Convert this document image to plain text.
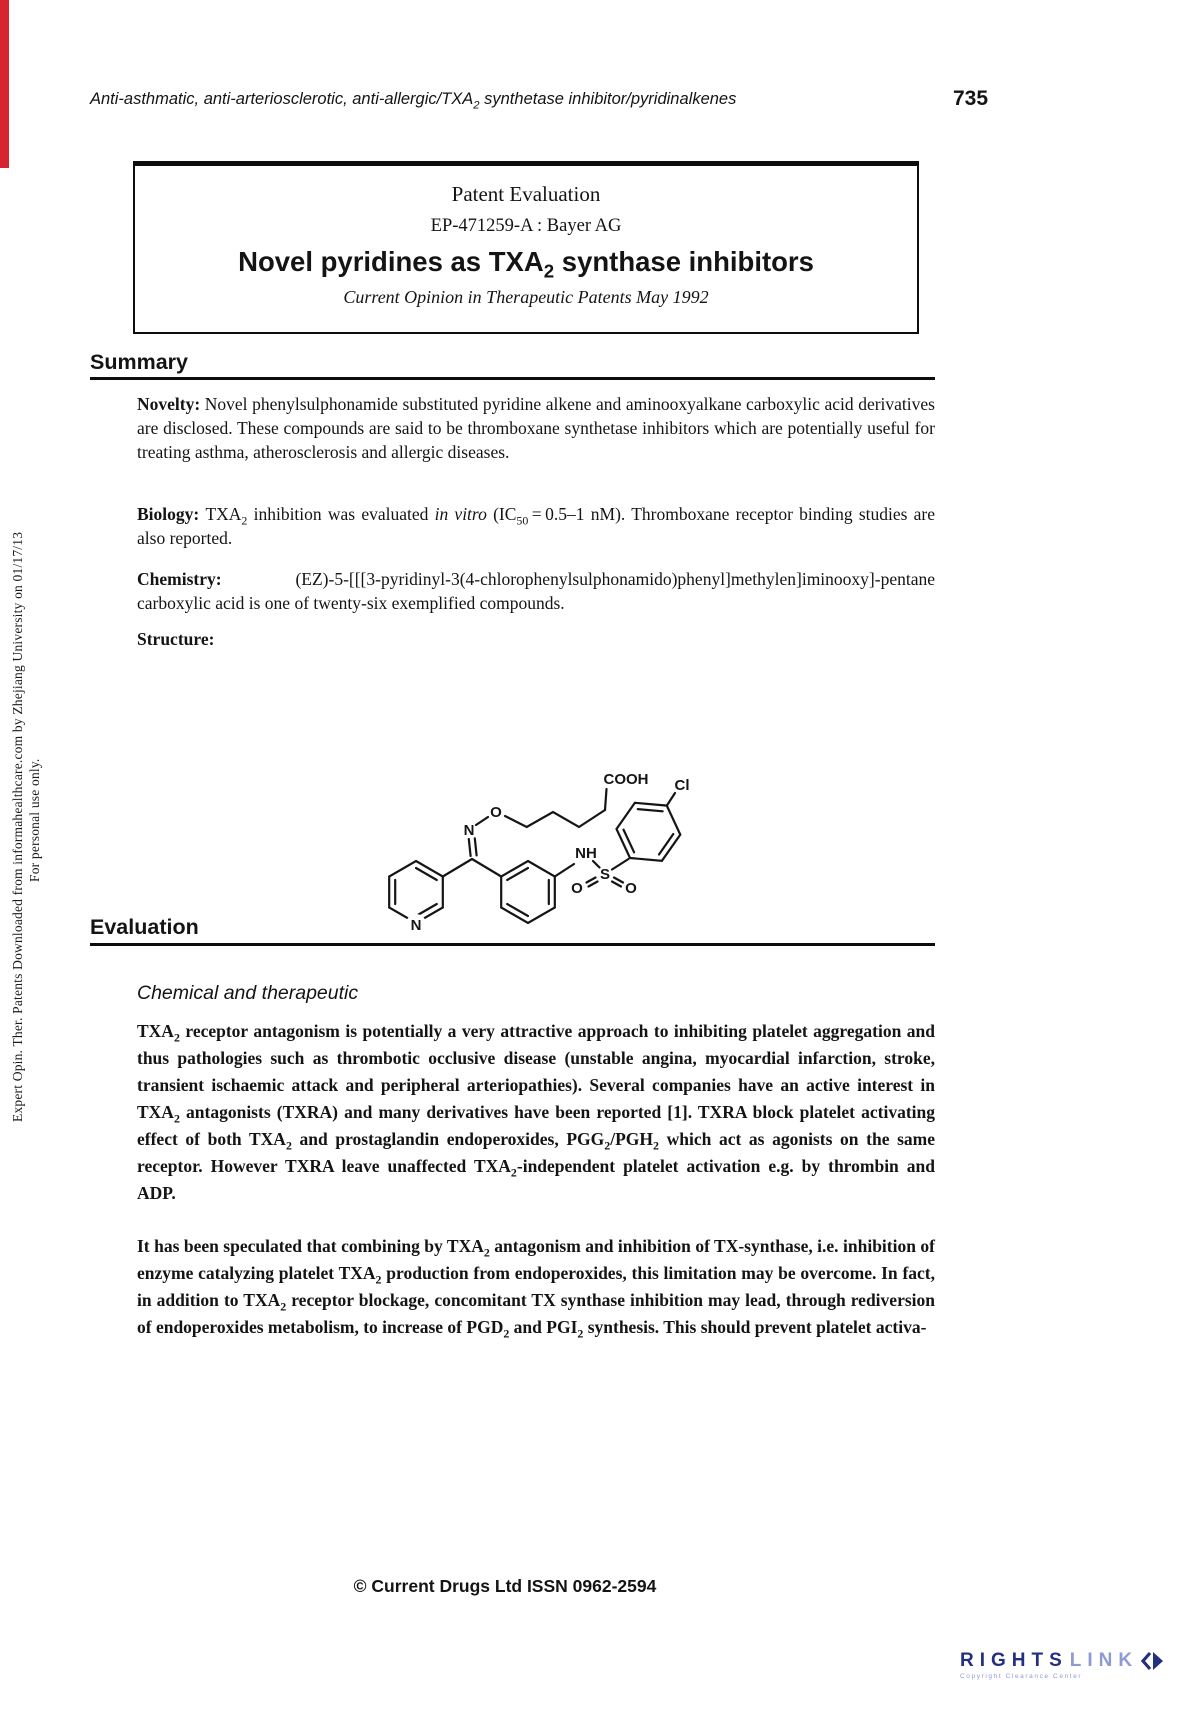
Expert Opin. Ther. Patents Downloaded from informahealthcare.com by Zhejiang University on 01/17/13 For personal use only.
Anti-asthmatic, anti-arteriosclerotic, anti-$allergic/TXA_2$ synthetase inhibitor/pyridinalkenes	735
Patent Evaluation
EP-471259-A : Bayer AG
Novel pyridines as $TXA_2$ synthase inhibitors
Current Opinion in Therapeutic Patents May 1992
Summary

Novelty: Novel phenylsulphonamide substituted pyridine alkene and aminooxyalkane carboxylic acid derivatives are disclosed. These compounds are said to be thromboxane synthetase inhibitors which are potentially useful for treating asthma, atherosclerosis and allergic diseases.

Biology: $TXA_2$ inhibition was evaluated in vitro ($IC_{50} = 0.5-1$ nM). Thromboxane receptor binding studies are also reported.

Chemistry: (EZ)-5-[[[3-pyridinyl-3(4-chlorophenylsulphonamido)phenyl]methylen]iminooxy]-pentane carboxylic acid is one of twenty-six exemplified compounds.

Structure:
N
N
O
COOH
NH
S
O	O
Cl
Evaluation
Chemical and therapeutic

$TXA_2$ receptor antagonism is potentially a very attractive approach to inhibiting platelet aggregation and thus pathologies such as thrombotic occlusive disease (unstable angina, myocardial infarction, stroke, transient ischaemic attack and peripheral arteriopathies). Several companies have an active interest in $TXA_2$ antagonists (TXRA) and many derivatives have been reported [1]. TXRA block platelet activating effect of both $TXA_2$ and prostaglandin endoperoxides, $PGG_2/PGH_2$ which act as agonists on the same receptor. However TXRA leave unaffected $TXA_2$-independent platelet activation e.g. by thrombin and ADP.

It has been speculated that combining by $TXA_2$ antagonism and inhibition of TX-synthase, i.e. inhibition of enzyme catalyzing platelet $TXA_2$ production from endoperoxides, this limitation may be overcome. In fact, in addition to $TXA_2$ receptor blockage, concomitant TX synthase inhibition may lead, through rediversion of endoperoxides metabolism, to increase of $PGD_2$ and $PGI_2$ synthesis. This should prevent platelet activa-

© Current Drugs Ltd ISSN 0962-2594
RIGHTS LINK
Copyright Clearance Center
